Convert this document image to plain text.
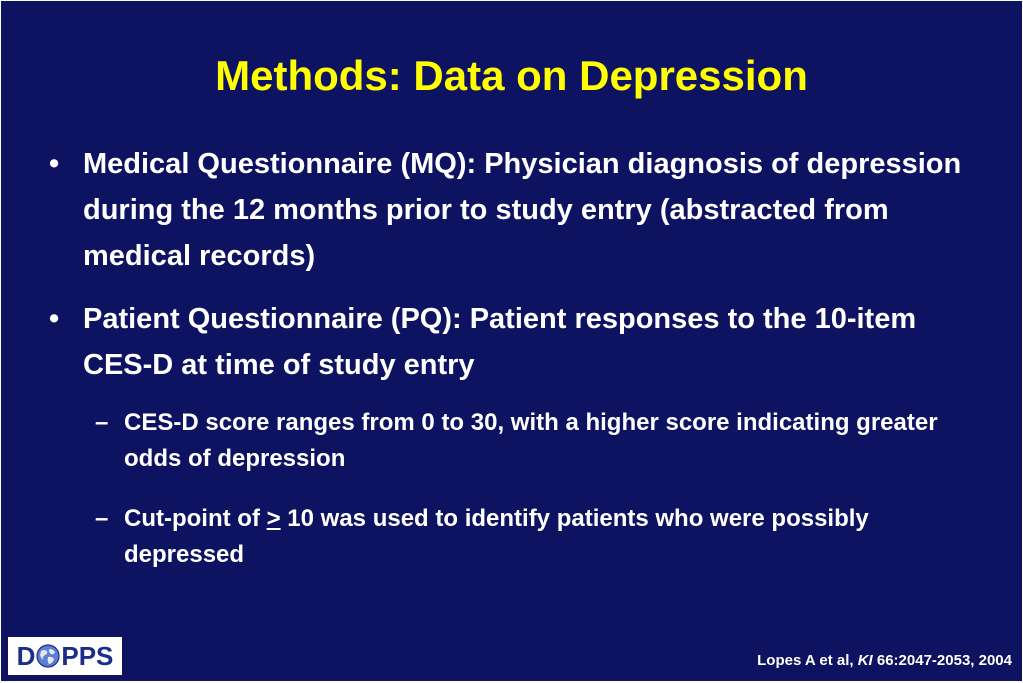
Methods: Data on Depression
• Medical Questionnaire (MQ): Physician diagnosis of depression during the 12 months prior to study entry (abstracted from medical records)
• Patient Questionnaire (PQ): Patient responses to the 10-item CES-D at time of study entry
– CES-D score ranges from 0 to 30, with a higher score indicating greater odds of depression
– Cut-point of ≥ 10 was used to identify patients who were possibly depressed
D PPS	Lopes A et al, KI 66:2047-2053, 2004
